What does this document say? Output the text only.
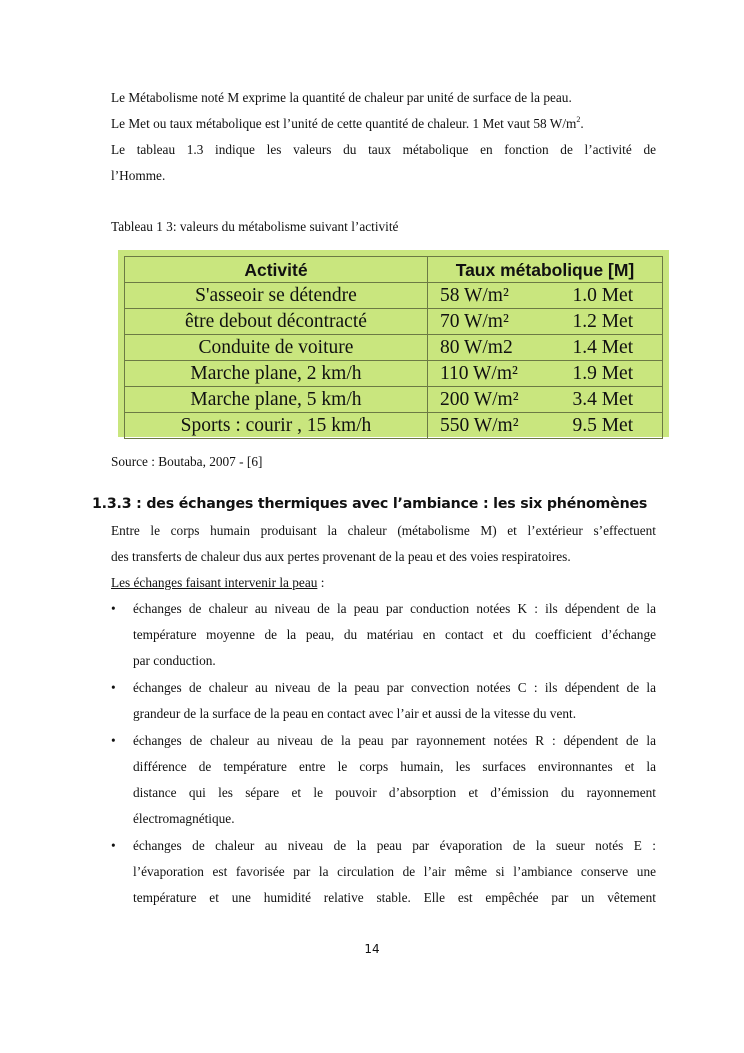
Le Métabolisme noté M exprime la quantité de chaleur par unité de surface de la peau.
Le Met ou taux métabolique est l’unité de cette quantité de chaleur. 1 Met vaut 58 $W/m^2$.
Le tableau 1.3 indique les valeurs du taux métabolique en fonction de l’activité de
l’Homme.
Tableau 1 3: valeurs du métabolisme suivant l’activité
Activité	Taux métabolique [M]	
S'asseoir se détendre	58 W/m²	1.0 Met
être debout décontracté	70 W/m²	1.2 Met
Conduite de voiture	80 W/m2	1.4 Met
Marche plane, 2 km/h	110 W/m²	1.9 Met
Marche plane, 5 km/h	200 W/m²	3.4 Met
Sports : courir , 15 km/h	550 W/m²	9.5 Met
Source : Boutaba, 2007 - [6]
1.3.3 : des échanges thermiques avec l’ambiance : les six phénomènes
Entre le corps humain produisant la chaleur (métabolisme M) et l’extérieur s’effectuent
des transferts de chaleur dus aux pertes provenant de la peau et des voies respiratoires.
Les échanges faisant intervenir la peau :
•	échanges de chaleur au niveau de la peau par conduction notées K : ils dépendent de la
température moyenne de la peau, du matériau en contact et du coefficient d’échange
par conduction.
•	échanges de chaleur au niveau de la peau par convection notées C : ils dépendent de la
grandeur de la surface de la peau en contact avec l’air et aussi de la vitesse du vent.
•	échanges de chaleur au niveau de la peau par rayonnement notées R : dépendent de la
différence de température entre le corps humain, les surfaces environnantes et la
distance qui les sépare et le pouvoir d’absorption et d’émission du rayonnement
électromagnétique.
•	échanges de chaleur au niveau de la peau par évaporation de la sueur notés E :
l’évaporation est favorisée par la circulation de l’air même si l’ambiance conserve une
température et une humidité relative stable. Elle est empêchée par un vêtement
14
